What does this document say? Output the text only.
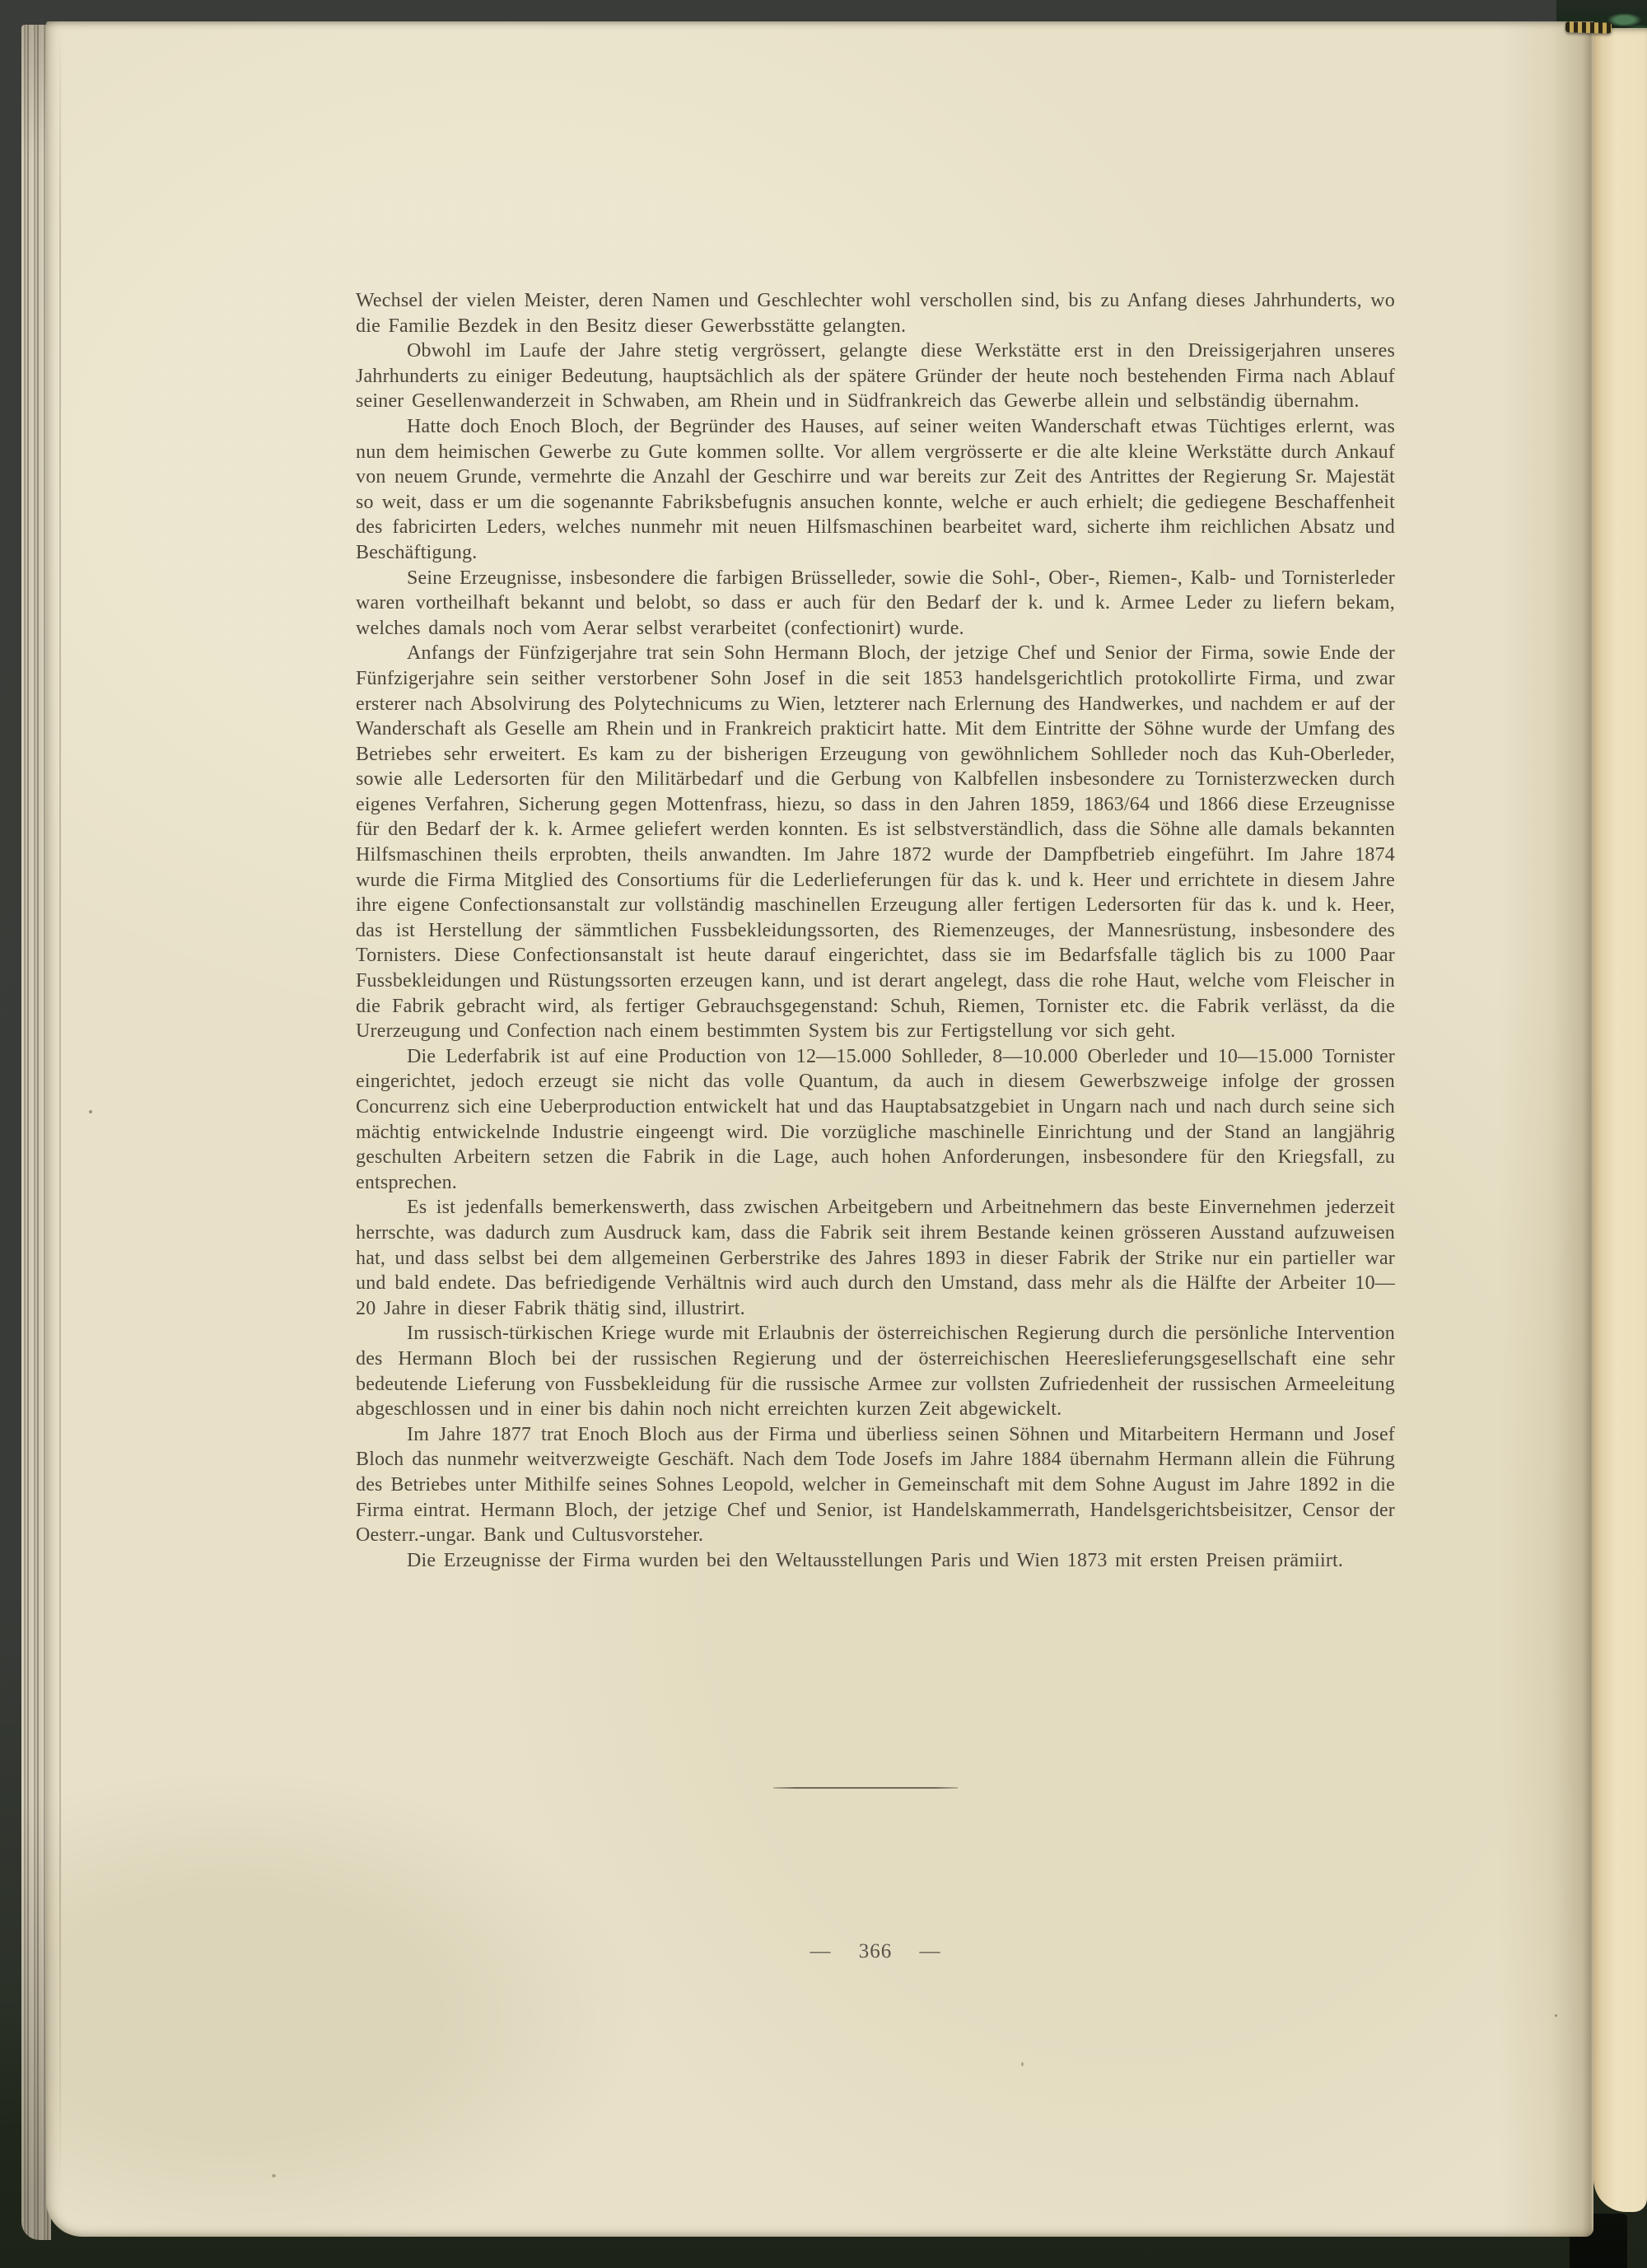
Wechsel der vielen Meister, deren Namen und Geschlechter wohl verschollen sind, bis zu Anfang dieses Jahrhunderts, wo die Familie Bezdek in den Besitz dieser Gewerbsstätte gelangten.

Obwohl im Laufe der Jahre stetig vergrössert, gelangte diese Werkstätte erst in den Dreissigerjahren unseres Jahrhunderts zu einiger Bedeutung, hauptsächlich als der spätere Gründer der heute noch bestehenden Firma nach Ablauf seiner Gesellenwanderzeit in Schwaben, am Rhein und in Südfrankreich das Gewerbe allein und selbständig übernahm.

Hatte doch Enoch Bloch, der Begründer des Hauses, auf seiner weiten Wanderschaft etwas Tüchtiges erlernt, was nun dem heimischen Gewerbe zu Gute kommen sollte. Vor allem vergrösserte er die alte kleine Werkstätte durch Ankauf von neuem Grunde, vermehrte die Anzahl der Geschirre und war bereits zur Zeit des Antrittes der Regierung Sr. Majestät so weit, dass er um die sogenannte Fabriksbefugnis ansuchen konnte, welche er auch erhielt; die gediegene Beschaffenheit des fabricirten Leders, welches nunmehr mit neuen Hilfsmaschinen bearbeitet ward, sicherte ihm reichlichen Absatz und Beschäftigung.

Seine Erzeugnisse, insbesondere die farbigen Brüsselleder, sowie die Sohl-, Ober-, Riemen-, Kalb- und Tornisterleder waren vortheilhaft bekannt und belobt, so dass er auch für den Bedarf der k. und k. Armee Leder zu liefern bekam, welches damals noch vom Aerar selbst verarbeitet (confectionirt) wurde.

Anfangs der Fünfzigerjahre trat sein Sohn Hermann Bloch, der jetzige Chef und Senior der Firma, sowie Ende der Fünfzigerjahre sein seither verstorbener Sohn Josef in die seit 1853 handelsgerichtlich protokollirte Firma, und zwar ersterer nach Absolvirung des Polytechnicums zu Wien, letzterer nach Erlernung des Handwerkes, und nachdem er auf der Wanderschaft als Geselle am Rhein und in Frankreich prakticirt hatte. Mit dem Eintritte der Söhne wurde der Umfang des Betriebes sehr erweitert. Es kam zu der bisherigen Erzeugung von gewöhnlichem Sohlleder noch das Kuh-Oberleder, sowie alle Ledersorten für den Militärbedarf und die Gerbung von Kalbfellen insbesondere zu Tornisterzwecken durch eigenes Verfahren, Sicherung gegen Mottenfrass, hiezu, so dass in den Jahren 1859, 1863/64 und 1866 diese Erzeugnisse für den Bedarf der k. k. Armee geliefert werden konnten. Es ist selbstverständlich, dass die Söhne alle damals bekannten Hilfsmaschinen theils erprobten, theils anwandten. Im Jahre 1872 wurde der Dampfbetrieb eingeführt. Im Jahre 1874 wurde die Firma Mitglied des Consortiums für die Lederlieferungen für das k. und k. Heer und errichtete in diesem Jahre ihre eigene Confectionsanstalt zur vollständig maschinellen Erzeugung aller fertigen Ledersorten für das k. und k. Heer, das ist Herstellung der sämmtlichen Fussbekleidungssorten, des Riemenzeuges, der Mannesrüstung, insbesondere des Tornisters. Diese Confectionsanstalt ist heute darauf eingerichtet, dass sie im Bedarfsfalle täglich bis zu 1000 Paar Fussbekleidungen und Rüstungssorten erzeugen kann, und ist derart angelegt, dass die rohe Haut, welche vom Fleischer in die Fabrik gebracht wird, als fertiger Gebrauchsgegenstand: Schuh, Riemen, Tornister etc. die Fabrik verlässt, da die Urerzeugung und Confection nach einem bestimmten System bis zur Fertigstellung vor sich geht.

Die Lederfabrik ist auf eine Production von 12—15.000 Sohlleder, 8—10.000 Oberleder und 10—15.000 Tornister eingerichtet, jedoch erzeugt sie nicht das volle Quantum, da auch in diesem Gewerbszweige infolge der grossen Concurrenz sich eine Ueberproduction entwickelt hat und das Hauptabsatzgebiet in Ungarn nach und nach durch seine sich mächtig entwickelnde Industrie eingeengt wird. Die vorzügliche maschinelle Einrichtung und der Stand an langjährig geschulten Arbeitern setzen die Fabrik in die Lage, auch hohen Anforderungen, insbesondere für den Kriegsfall, zu entsprechen.

Es ist jedenfalls bemerkenswerth, dass zwischen Arbeitgebern und Arbeitnehmern das beste Einvernehmen jederzeit herrschte, was dadurch zum Ausdruck kam, dass die Fabrik seit ihrem Bestande keinen grösseren Ausstand aufzuweisen hat, und dass selbst bei dem allgemeinen Gerberstrike des Jahres 1893 in dieser Fabrik der Strike nur ein partieller war und bald endete. Das befriedigende Verhältnis wird auch durch den Umstand, dass mehr als die Hälfte der Arbeiter 10—20 Jahre in dieser Fabrik thätig sind, illustrirt.

Im russisch-türkischen Kriege wurde mit Erlaubnis der österreichischen Regierung durch die persönliche Intervention des Hermann Bloch bei der russischen Regierung und der österreichischen Heereslieferungsgesellschaft eine sehr bedeutende Lieferung von Fussbekleidung für die russische Armee zur vollsten Zufriedenheit der russischen Armeeleitung abgeschlossen und in einer bis dahin noch nicht erreichten kurzen Zeit abgewickelt.

Im Jahre 1877 trat Enoch Bloch aus der Firma und überliess seinen Söhnen und Mitarbeitern Hermann und Josef Bloch das nunmehr weitverzweigte Geschäft. Nach dem Tode Josefs im Jahre 1884 übernahm Hermann allein die Führung des Betriebes unter Mithilfe seines Sohnes Leopold, welcher in Gemeinschaft mit dem Sohne August im Jahre 1892 in die Firma eintrat. Hermann Bloch, der jetzige Chef und Senior, ist Handelskammerrath, Handelsgerichtsbeisitzer, Censor der Oesterr.-ungar. Bank und Cultusvorsteher.

Die Erzeugnisse der Firma wurden bei den Weltausstellungen Paris und Wien 1873 mit ersten Preisen prämiirt.

— 366 —
